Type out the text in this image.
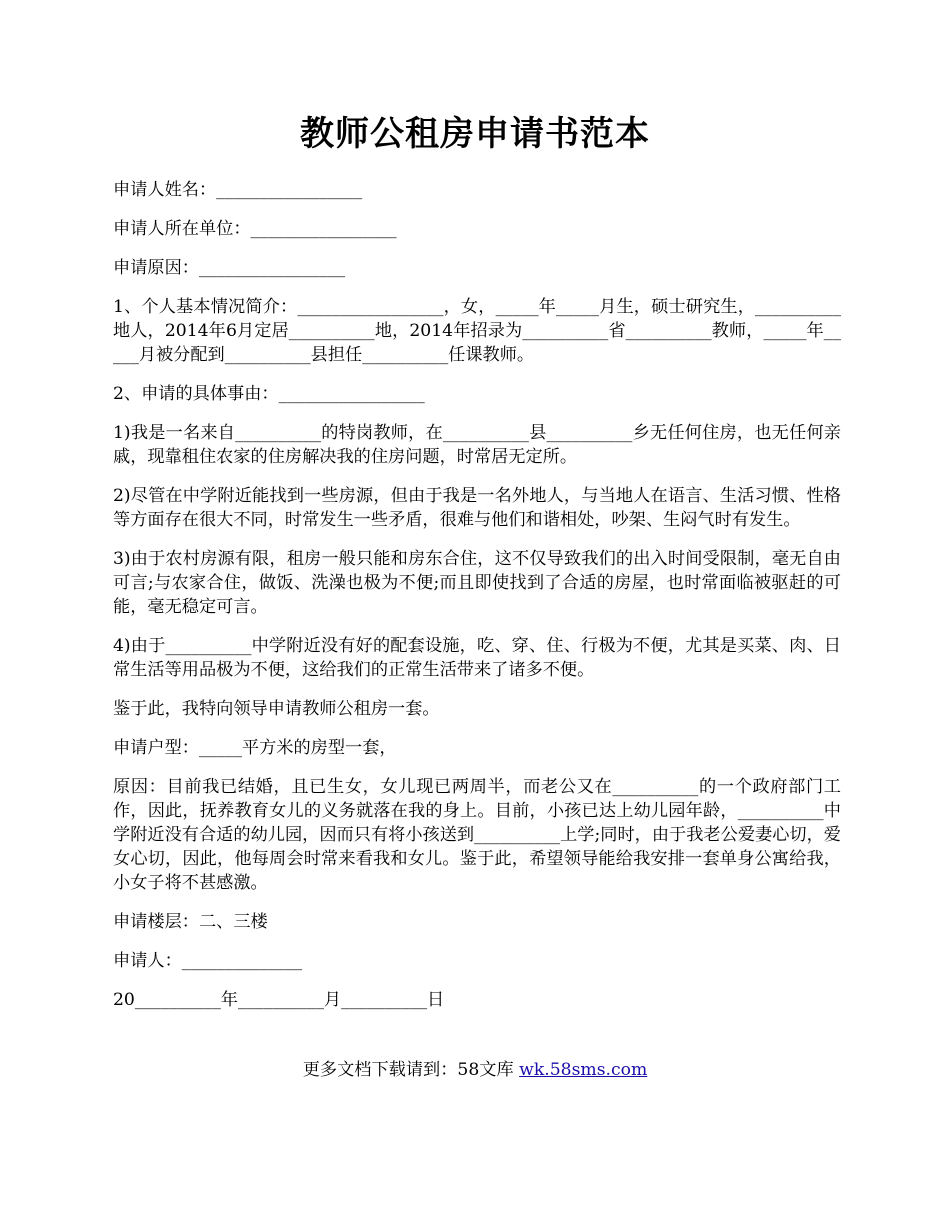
教师公租房申请书范本

申请人姓名：_________________

申请人所在单位：_________________

申请原因：_________________

1、个人基本情况简介：_________________，女，_____年_____月生，硕士研究生，__________地人，2014年6月定居__________地，2014年招录为__________省__________教师，_____年_____月被分配到__________县担任__________任课教师。

2、申请的具体事由：_________________

1)我是一名来自__________的特岗教师，在__________县__________乡无任何住房，也无任何亲戚，现靠租住农家的住房解决我的住房问题，时常居无定所。

2)尽管在中学附近能找到一些房源，但由于我是一名外地人，与当地人在语言、生活习惯、性格等方面存在很大不同，时常发生一些矛盾，很难与他们和谐相处，吵架、生闷气时有发生。

3)由于农村房源有限，租房一般只能和房东合住，这不仅导致我们的出入时间受限制，毫无自由可言;与农家合住，做饭、洗澡也极为不便;而且即使找到了合适的房屋，也时常面临被驱赶的可能，毫无稳定可言。

4)由于__________中学附近没有好的配套设施，吃、穿、住、行极为不便，尤其是买菜、肉、日常生活等用品极为不便，这给我们的正常生活带来了诸多不便。

鉴于此，我特向领导申请教师公租房一套。

申请户型：_____平方米的房型一套，

原因：目前我已结婚，且已生女，女儿现已两周半，而老公又在__________的一个政府部门工作，因此，抚养教育女儿的义务就落在我的身上。目前，小孩已达上幼儿园年龄，__________中学附近没有合适的幼儿园，因而只有将小孩送到__________上学;同时，由于我老公爱妻心切，爱女心切，因此，他每周会时常来看我和女儿。鉴于此，希望领导能给我安排一套单身公寓给我，小女子将不甚感激。

申请楼层：二、三楼

申请人：______________

20__________年__________月__________日

更多文档下载请到：58文库 wk.58sms.com
